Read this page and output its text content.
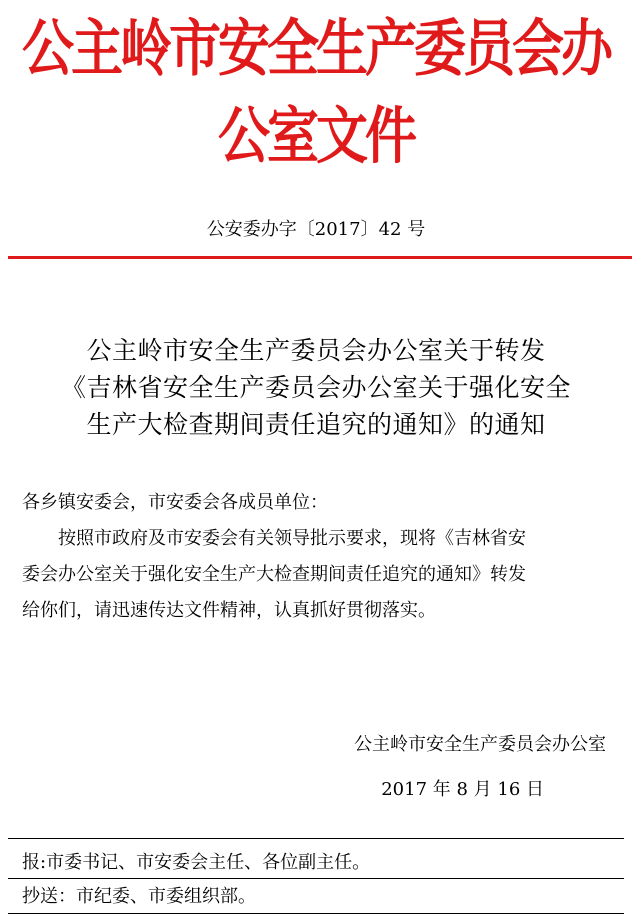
公主岭市安全生产委员会办公室文件
公安委办字〔2017〕42 号
公主岭市安全生产委员会办公室关于转发
《吉林省安全生产委员会办公室关于强化安全
生产大检查期间责任追究的通知》的通知
各乡镇安委会，市安委会各成员单位：
按照市政府及市安委会有关领导批示要求，现将《吉林省安
委会办公室关于强化安全生产大检查期间责任追究的通知》转发
给你们，请迅速传达文件精神，认真抓好贯彻落实。
公主岭市安全生产委员会办公室
2017 年 8 月 16 日
报:市委书记、市安委会主任、各位副主任。
抄送：市纪委、市委组织部。
